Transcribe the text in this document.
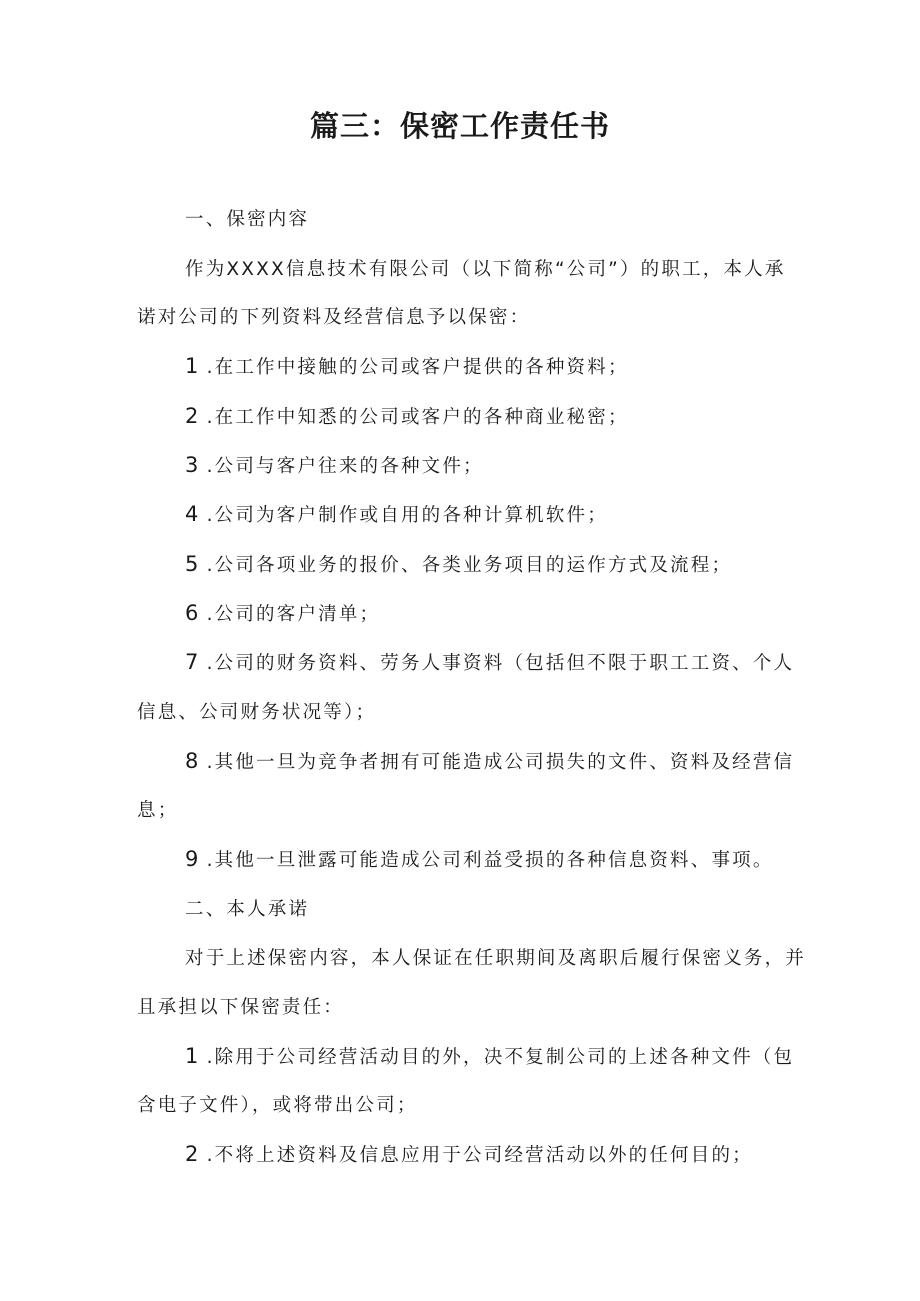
篇三：保密工作责任书
一、保密内容
作为XXXX信息技术有限公司（以下简称“公司”）的职工，本人承
诺对公司的下列资料及经营信息予以保密：
1 .在工作中接触的公司或客户提供的各种资料；
2 .在工作中知悉的公司或客户的各种商业秘密；
3 .公司与客户往来的各种文件；
4 .公司为客户制作或自用的各种计算机软件；
5 .公司各项业务的报价、各类业务项目的运作方式及流程；
6 .公司的客户清单；
7 .公司的财务资料、劳务人事资料（包括但不限于职工工资、个人
信息、公司财务状况等）；
8 .其他一旦为竞争者拥有可能造成公司损失的文件、资料及经营信
息；
9 .其他一旦泄露可能造成公司利益受损的各种信息资料、事项。
二、本人承诺
对于上述保密内容，本人保证在任职期间及离职后履行保密义务，并
且承担以下保密责任：
1 .除用于公司经营活动目的外，决不复制公司的上述各种文件（包
含电子文件），或将带出公司；
2 .不将上述资料及信息应用于公司经营活动以外的任何目的；
